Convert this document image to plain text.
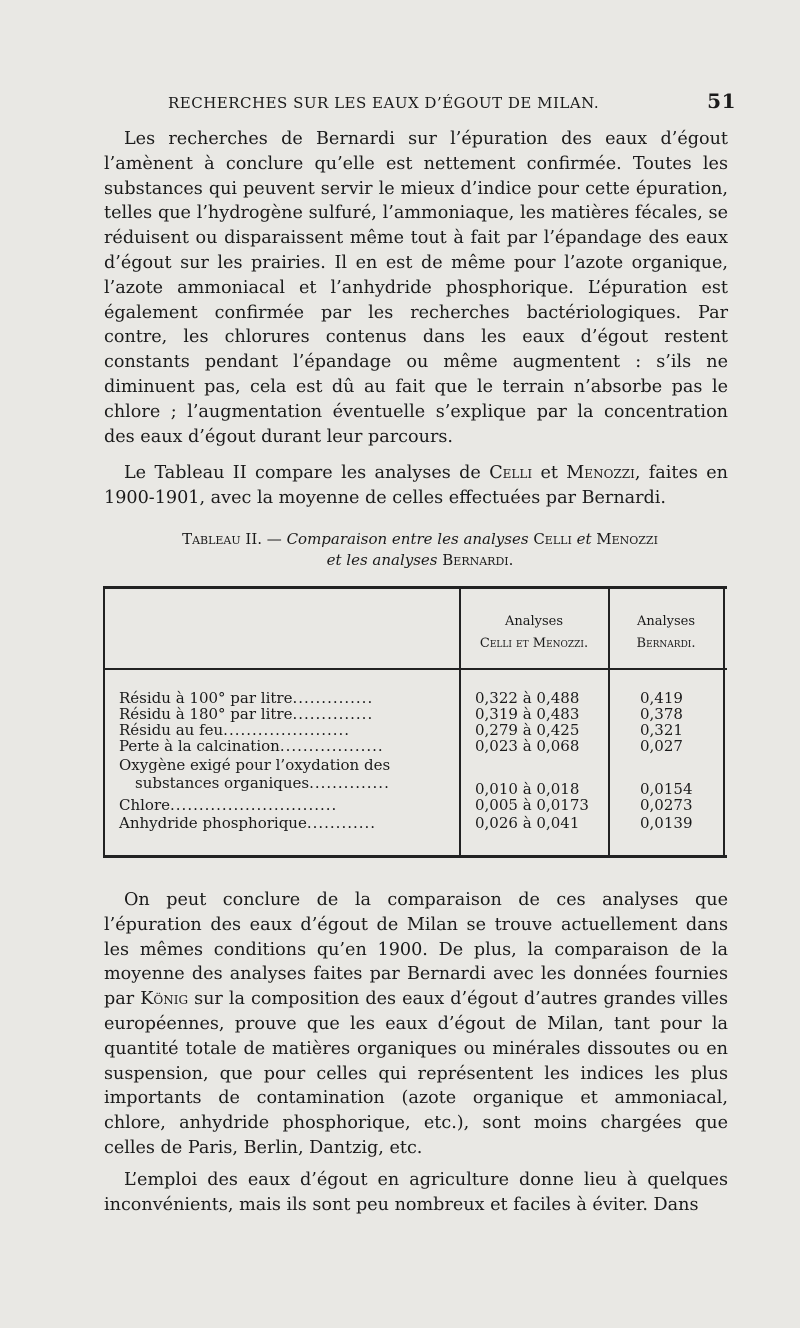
RECHERCHES SUR LES EAUX D’ÉGOUT DE MILAN.	51

Les recherches de Bernardi sur l’épuration des eaux d’égout l’amènent à conclure qu’elle est nettement confirmée. Toutes les substances qui peuvent servir le mieux d’indice pour cette épuration, telles que l’hydrogène sulfuré, l’ammoniaque, les matières fécales, se réduisent ou disparaissent même tout à fait par l’épandage des eaux d’égout sur les prairies. Il en est de même pour l’azote organique, l’azote ammoniacal et l’anhydride phosphorique. L’épuration est également confirmée par les recherches bactériologiques. Par contre, les chlorures contenus dans les eaux d’égout restent constants pendant l’épandage ou même augmentent : s’ils ne diminuent pas, cela est dû au fait que le terrain n’absorbe pas le chlore ; l’augmentation éventuelle s’explique par la concentration des eaux d’égout durant leur parcours.

Le Tableau II compare les analyses de Celli et Menozzi, faites en 1900-1901, avec la moyenne de celles effectuées par Bernardi.

Tableau II. — Comparaison entre les analyses Celli et Menozzi
et les analyses Bernardi.
Analyses
Celli et Menozzi.
Analyses
Bernardi.
Résidu à 100° par litre..............	0,322 à 0,488	0,419
Résidu à 180° par litre..............	0,319 à 0,483	0,378
Résidu au feu......................	0,279 à 0,425	0,321
Perte à la calcination..................	0,023 à 0,068	0,027
Oxygène exigé pour l’oxydation des
substances organiques..............	0,010 à 0,018	0,0154
Chlore.............................	0,005 à 0,0173	0,0273
Anhydride phosphorique............	0,026 à 0,041	0,0139

On peut conclure de la comparaison de ces analyses que l’épuration des eaux d’égout de Milan se trouve actuellement dans les mêmes conditions qu’en 1900. De plus, la comparaison de la moyenne des analyses faites par Bernardi avec les données fournies par König sur la composition des eaux d’égout d’autres grandes villes européennes, prouve que les eaux d’égout de Milan, tant pour la quantité totale de matières organiques ou minérales dissoutes ou en suspension, que pour celles qui représentent les indices les plus importants de contamination (azote organique et ammoniacal, chlore, anhydride phosphorique, etc.), sont moins chargées que celles de Paris, Berlin, Dantzig, etc.

L’emploi des eaux d’égout en agriculture donne lieu à quelques inconvénients, mais ils sont peu nombreux et faciles à éviter. Dans
